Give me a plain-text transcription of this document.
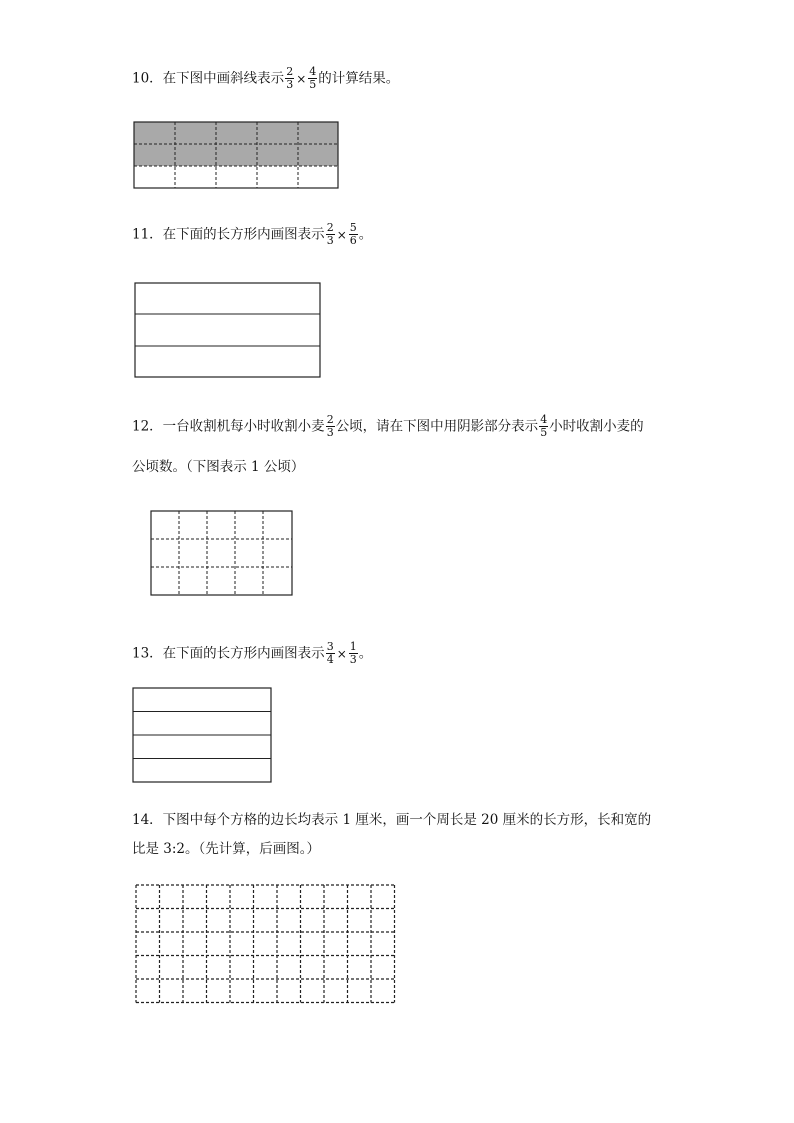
10．在下图中画斜线表示 $\frac{2}{3} \times \frac{4}{5}$ 的计算结果。
11．在下面的长方形内画图表示 $\frac{2}{3} \times \frac{5}{6}$ 。
12．一台收割机每小时收割小麦 $\frac{2}{3}$ 公顷，请在下图中用阴影部分表示 $\frac{4}{5}$ 小时收割小麦的
公顷数。（下图表示 1 公顷）
13．在下面的长方形内画图表示 $\frac{3}{4} \times \frac{1}{3}$ 。
14．下图中每个方格的边长均表示 1 厘米，画一个周长是 20 厘米的长方形，长和宽的
比是 3:2。（先计算，后画图。）
